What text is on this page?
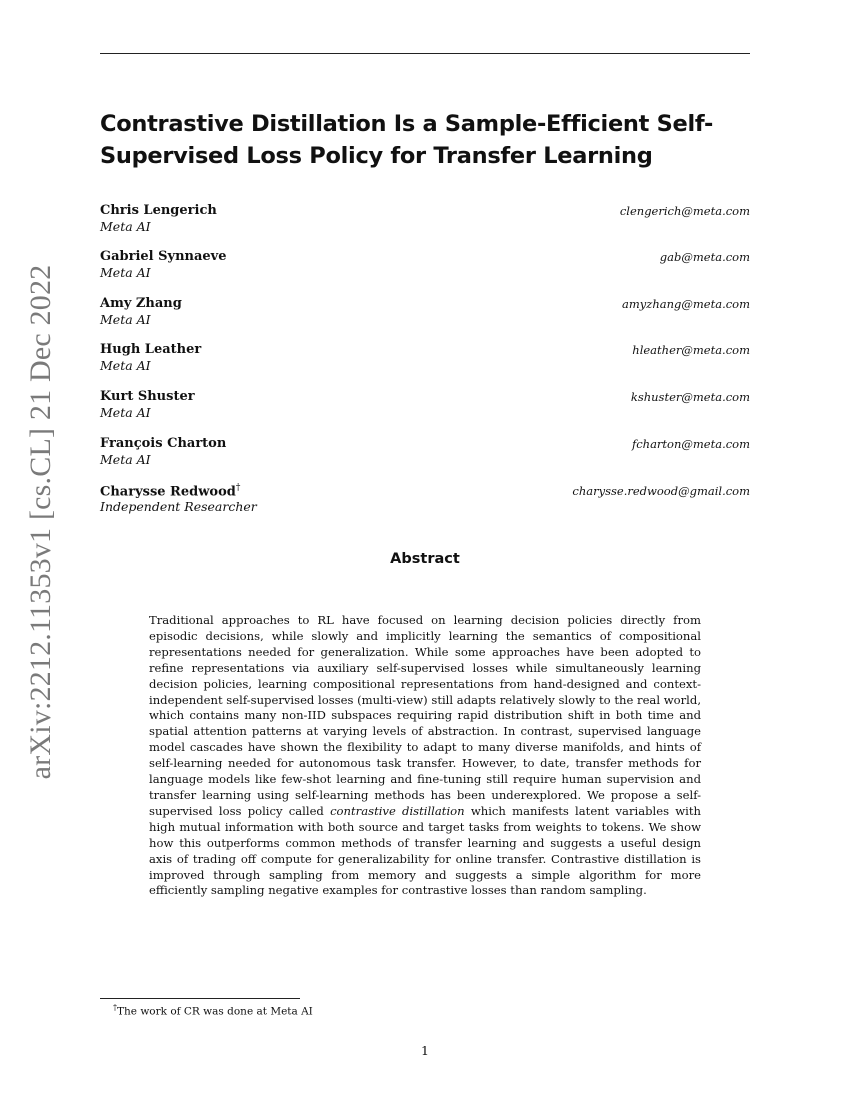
arXiv:2212.11353v1 [cs.CL] 21 Dec 2022
Contrastive Distillation Is a Sample-Efficient Self-Supervised Loss Policy for Transfer Learning
Chris Lengerich
Meta AI
clengerich@meta.com
Gabriel Synnaeve
Meta AI
gab@meta.com
Amy Zhang
Meta AI
amyzhang@meta.com
Hugh Leather
Meta AI
hleather@meta.com
Kurt Shuster
Meta AI
kshuster@meta.com
François Charton
Meta AI
fcharton@meta.com
Charysse Redwood†
Independent Researcher
charysse.redwood@gmail.com
Abstract

Traditional approaches to RL have focused on learning decision policies directly from episodic decisions, while slowly and implicitly learning the semantics of compositional representations needed for generalization. While some approaches have been adopted to refine representations via auxiliary self-supervised losses while simultaneously learning decision policies, learning compositional representations from hand-designed and context-independent self-supervised losses (multi-view) still adapts relatively slowly to the real world, which contains many non-IID subspaces requiring rapid distribution shift in both time and spatial attention patterns at varying levels of abstraction. In contrast, supervised language model cascades have shown the flexibility to adapt to many diverse manifolds, and hints of self-learning needed for autonomous task transfer. However, to date, transfer methods for language models like few-shot learning and fine-tuning still require human supervision and transfer learning using self-learning methods has been underexplored. We propose a self-supervised loss policy called contrastive distillation which manifests latent variables with high mutual information with both source and target tasks from weights to tokens. We show how this outperforms common methods of transfer learning and suggests a useful design axis of trading off compute for generalizability for online transfer. Contrastive distillation is improved through sampling from memory and suggests a simple algorithm for more efficiently sampling negative examples for contrastive losses than random sampling.

†The work of CR was done at Meta AI
1
